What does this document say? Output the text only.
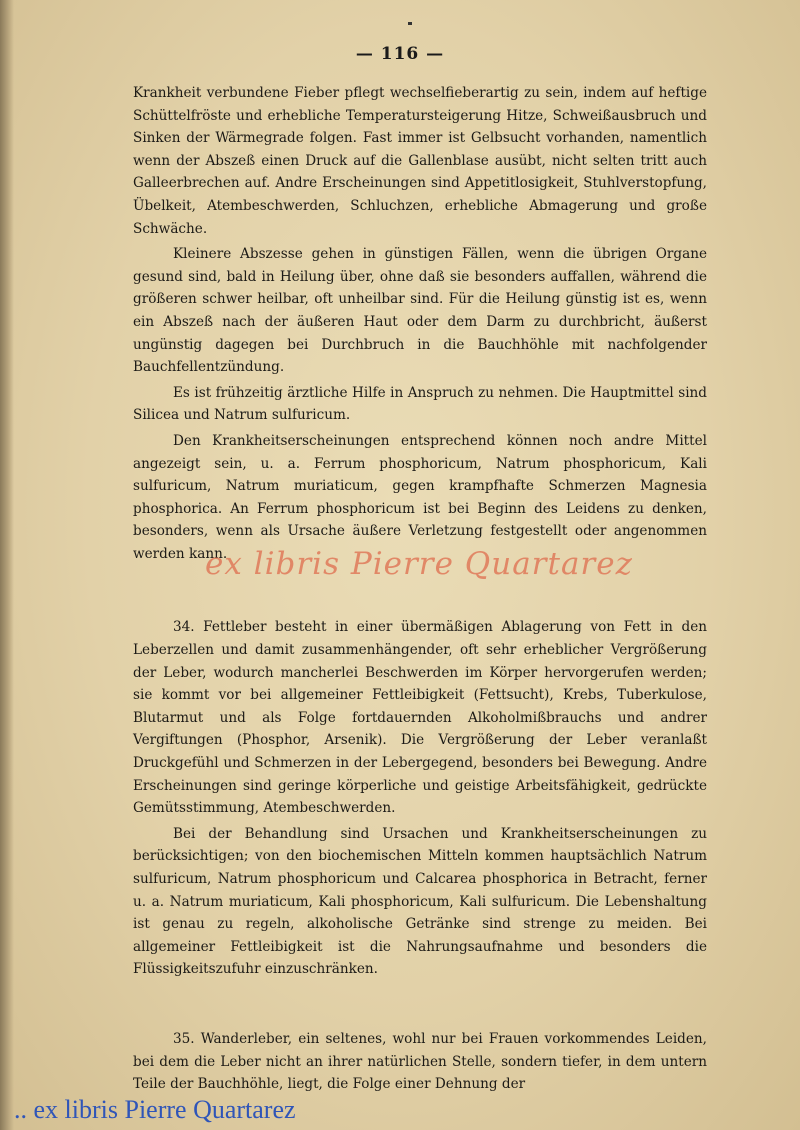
— 116 —

Krankheit verbundene Fieber pflegt wechselfieberartig zu sein, indem auf heftige Schüttelfröste und erhebliche Temperatursteigerung Hitze, Schweißausbruch und Sinken der Wärmegrade folgen. Fast immer ist Gelbsucht vorhanden, namentlich wenn der Abszeß einen Druck auf die Gallenblase ausübt, nicht selten tritt auch Galleerbrechen auf. Andre Erscheinungen sind Appetitlosigkeit, Stuhlverstopfung, Übelkeit, Atembeschwerden, Schluchzen, erhebliche Abmagerung und große Schwäche.

Kleinere Abszesse gehen in günstigen Fällen, wenn die übrigen Organe gesund sind, bald in Heilung über, ohne daß sie besonders auffallen, während die größeren schwer heilbar, oft unheilbar sind. Für die Heilung günstig ist es, wenn ein Abszeß nach der äußeren Haut oder dem Darm zu durchbricht, äußerst ungünstig dagegen bei Durchbruch in die Bauchhöhle mit nachfolgender Bauchfellentzündung.

Es ist frühzeitig ärztliche Hilfe in Anspruch zu nehmen. Die Hauptmittel sind Silicea und Natrum sulfuricum.

Den Krankheitserscheinungen entsprechend können noch andre Mittel angezeigt sein, u. a. Ferrum phosphoricum, Natrum phosphoricum, Kali sulfuricum, Natrum muriaticum, gegen krampfhafte Schmerzen Magnesia phosphorica. An Ferrum phosphoricum ist bei Beginn des Leidens zu denken, besonders, wenn als Ursache äußere Verletzung festgestellt oder angenommen werden kann.

34. Fettleber besteht in einer übermäßigen Ablagerung von Fett in den Leberzellen und damit zusammenhängender, oft sehr erheblicher Vergrößerung der Leber, wodurch mancherlei Beschwerden im Körper hervorgerufen werden; sie kommt vor bei allgemeiner Fettleibigkeit (Fettsucht), Krebs, Tuberkulose, Blutarmut und als Folge fortdauernden Alkoholmißbrauchs und andrer Vergiftungen (Phosphor, Arsenik). Die Vergrößerung der Leber veranlaßt Druckgefühl und Schmerzen in der Lebergegend, besonders bei Bewegung. Andre Erscheinungen sind geringe körperliche und geistige Arbeitsfähigkeit, gedrückte Gemütsstimmung, Atembeschwerden.

Bei der Behandlung sind Ursachen und Krankheitserscheinungen zu berücksichtigen; von den biochemischen Mitteln kommen hauptsächlich Natrum sulfuricum, Natrum phosphoricum und Calcarea phosphorica in Betracht, ferner u. a. Natrum muriaticum, Kali phosphoricum, Kali sulfuricum. Die Lebenshaltung ist genau zu regeln, alkoholische Getränke sind strenge zu meiden. Bei allgemeiner Fettleibigkeit ist die Nahrungsaufnahme und besonders die Flüssigkeitszufuhr einzuschränken.

35. Wanderleber, ein seltenes, wohl nur bei Frauen vorkommendes Leiden, bei dem die Leber nicht an ihrer natürlichen Stelle, sondern tiefer, in dem untern Teile der Bauchhöhle, liegt, die Folge einer Dehnung der

ex libris Pierre Quartarez
.. ex libris Pierre Quartarez
